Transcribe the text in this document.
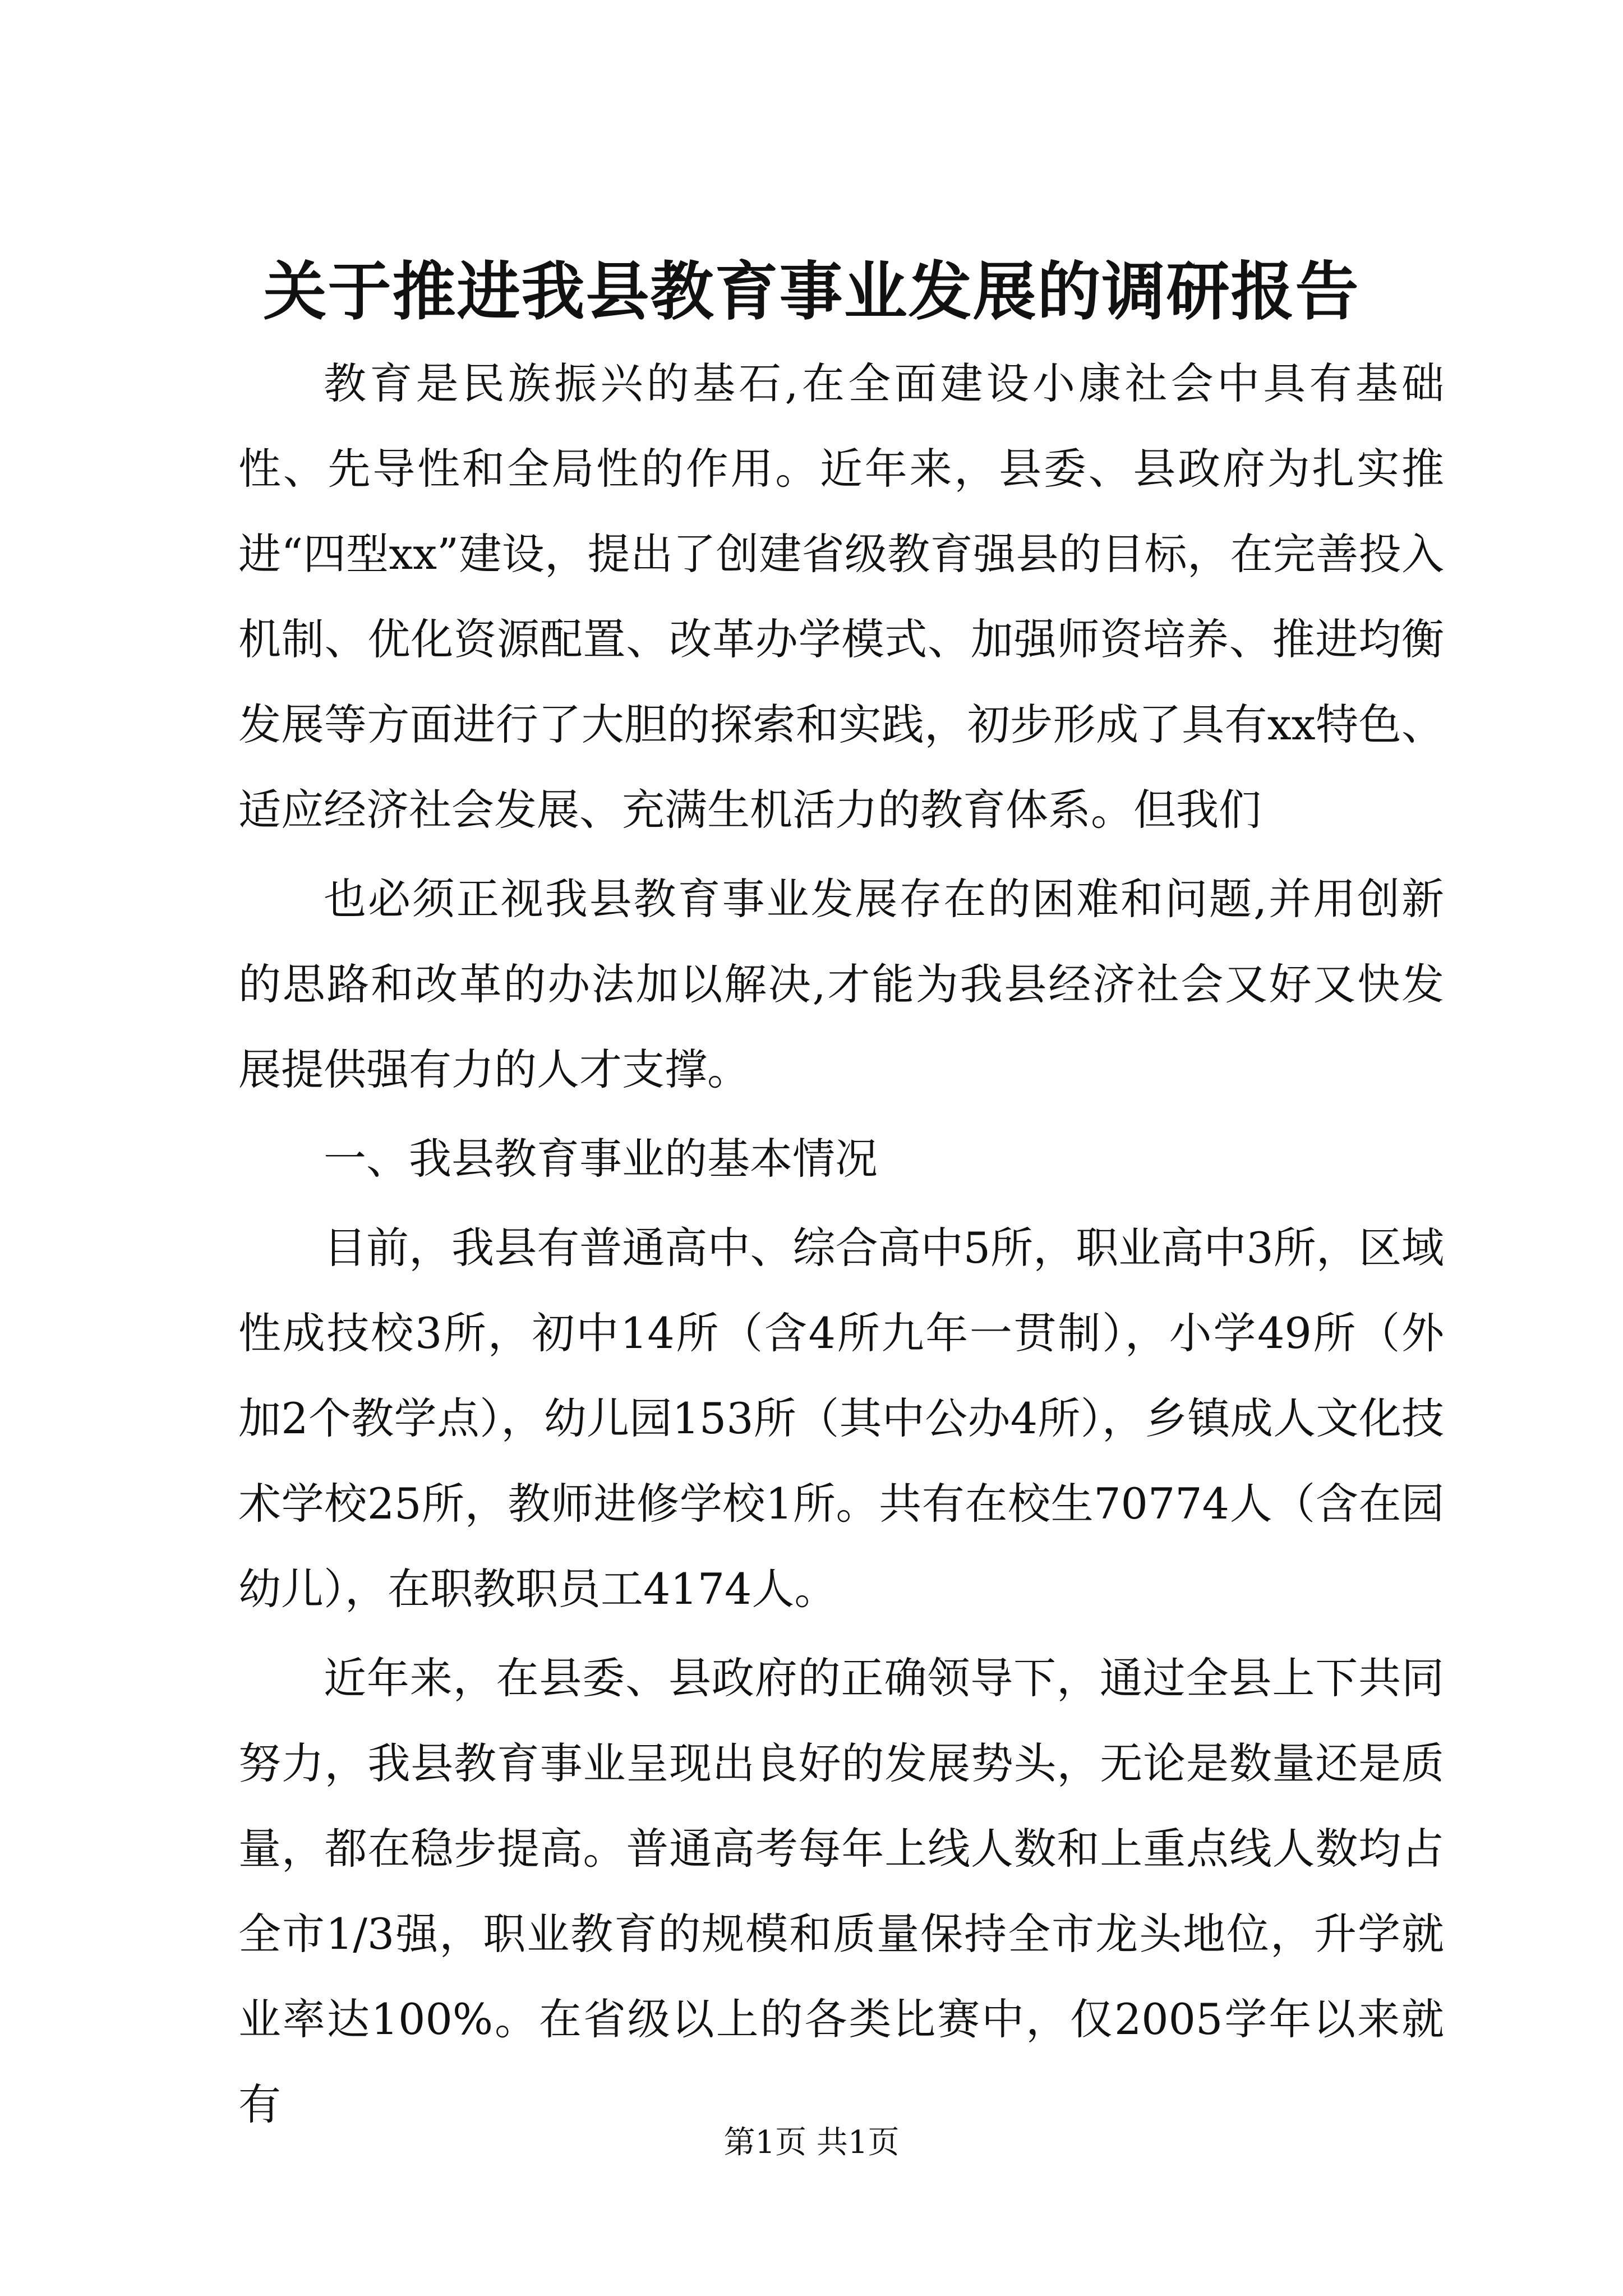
关于推进我县教育事业发展的调研报告

教育是民族振兴的基石,在全面建设小康社会中具有基础性、先导性和全局性的作用。近年来，县委、县政府为扎实推进“四型xx”建设，提出了创建省级教育强县的目标，在完善投入机制、优化资源配置、改革办学模式、加强师资培养、推进均衡发展等方面进行了大胆的探索和实践，初步形成了具有xx特色、适应经济社会发展、充满生机活力的教育体系。但我们

也必须正视我县教育事业发展存在的困难和问题,并用创新的思路和改革的办法加以解决,才能为我县经济社会又好又快发展提供强有力的人才支撑。

一、我县教育事业的基本情况

目前，我县有普通高中、综合高中5所，职业高中3所，区域性成技校3所，初中14所（含4所九年一贯制），小学49所（外加2个教学点），幼儿园153所（其中公办4所），乡镇成人文化技术学校25所，教师进修学校1所。共有在校生70774人（含在园幼儿），在职教职员工4174人。

近年来，在县委、县政府的正确领导下，通过全县上下共同努力，我县教育事业呈现出良好的发展势头，无论是数量还是质量，都在稳步提高。普通高考每年上线人数和上重点线人数均占全市1/3强，职业教育的规模和质量保持全市龙头地位，升学就业率达100%。在省级以上的各类比赛中，仅2005学年以来就有

第1页 共1页
